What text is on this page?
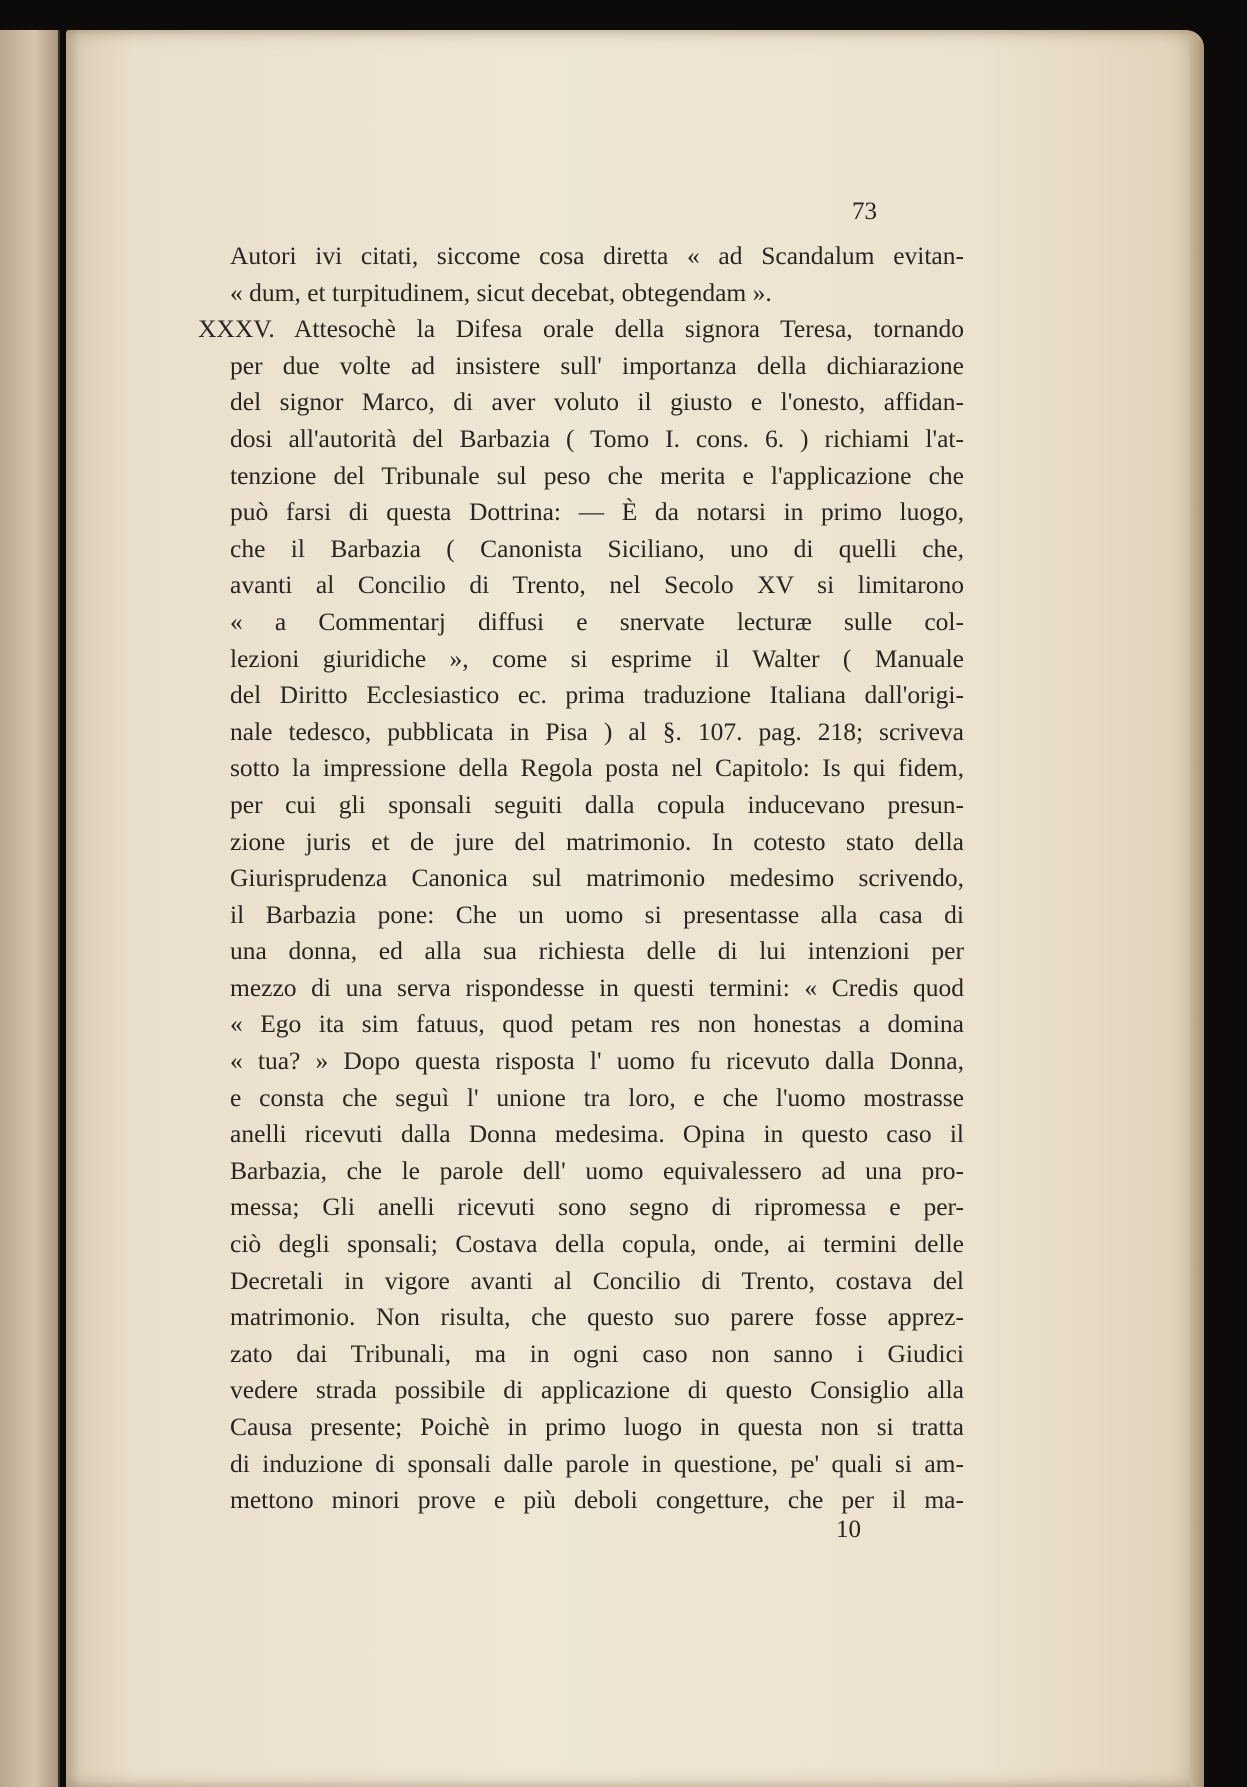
73
Autori ivi citati, siccome cosa diretta « ad Scandalum evitan-
« dum, et turpitudinem, sicut decebat, obtegendam ».
XXXV. Attesochè la Difesa orale della signora Teresa, tornando
per due volte ad insistere sull' importanza della dichiarazione
del signor Marco, di aver voluto il giusto e l'onesto, affidan-
dosi all'autorità del Barbazia ( Tomo I. cons. 6. ) richiami l'at-
tenzione del Tribunale sul peso che merita e l'applicazione che
può farsi di questa Dottrina: — È da notarsi in primo luogo,
che il Barbazia ( Canonista Siciliano, uno di quelli che,
avanti al Concilio di Trento, nel Secolo XV si limitarono
« a Commentarj diffusi e snervate lecturæ sulle col-
lezioni giuridiche », come si esprime il Walter ( Manuale
del Diritto Ecclesiastico ec. prima traduzione Italiana dall'origi-
nale tedesco, pubblicata in Pisa ) al §. 107. pag. 218; scriveva
sotto la impressione della Regola posta nel Capitolo: Is qui fidem,
per cui gli sponsali seguiti dalla copula inducevano presun-
zione juris et de jure del matrimonio. In cotesto stato della
Giurisprudenza Canonica sul matrimonio medesimo scrivendo,
il Barbazia pone: Che un uomo si presentasse alla casa di
una donna, ed alla sua richiesta delle di lui intenzioni per
mezzo di una serva rispondesse in questi termini: « Credis quod
« Ego ita sim fatuus, quod petam res non honestas a domina
« tua? » Dopo questa risposta l' uomo fu ricevuto dalla Donna,
e consta che seguì l' unione tra loro, e che l'uomo mostrasse
anelli ricevuti dalla Donna medesima. Opina in questo caso il
Barbazia, che le parole dell' uomo equivalessero ad una pro-
messa; Gli anelli ricevuti sono segno di ripromessa e per-
ciò degli sponsali; Costava della copula, onde, ai termini delle
Decretali in vigore avanti al Concilio di Trento, costava del
matrimonio. Non risulta, che questo suo parere fosse apprez-
zato dai Tribunali, ma in ogni caso non sanno i Giudici
vedere strada possibile di applicazione di questo Consiglio alla
Causa presente; Poichè in primo luogo in questa non si tratta
di induzione di sponsali dalle parole in questione, pe' quali si am-
mettono minori prove e più deboli congetture, che per il ma-
10
